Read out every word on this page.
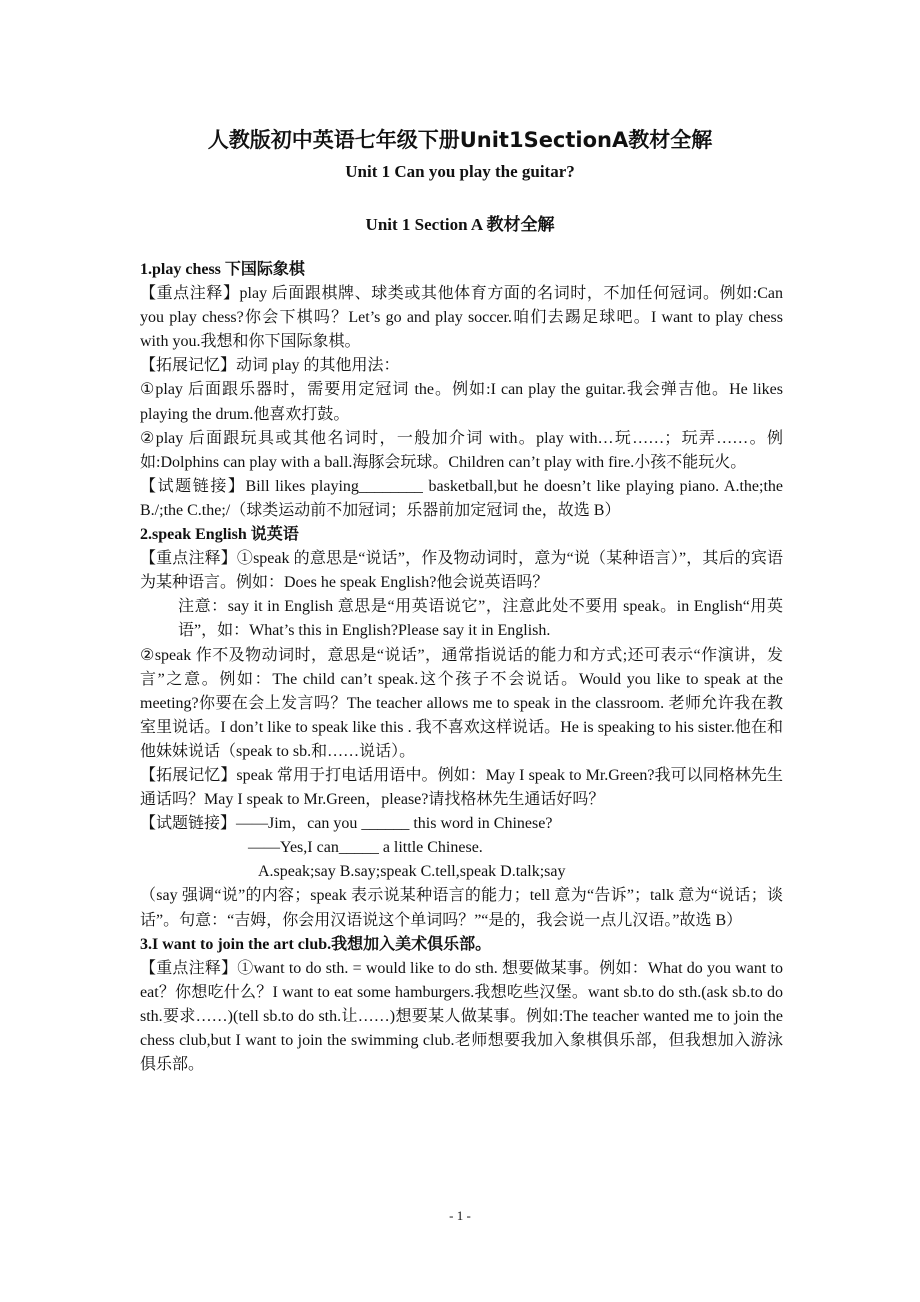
人教版初中英语七年级下册Unit1SectionA教材全解
Unit 1 Can you play the guitar?
Unit 1 Section A 教材全解

1.play chess 下国际象棋

【重点注释】play 后面跟棋牌、球类或其他体育方面的名词时，不加任何冠词。例如:Can you play chess?你会下棋吗？Let’s go and play soccer.咱们去踢足球吧。I want to play chess with you.我想和你下国际象棋。

【拓展记忆】动词 play 的其他用法：

①play 后面跟乐器时，需要用定冠词 the。例如:I can play the guitar.我会弹吉他。He likes playing the drum.他喜欢打鼓。

②play 后面跟玩具或其他名词时，一般加介词 with。play with…玩……；玩弄……。例如:Dolphins can play with a ball.海豚会玩球。Children can’t play with fire.小孩不能玩火。

【试题链接】Bill likes playing________ basketball,but he doesn’t like playing piano. A.the;the B./;the C.the;/（球类运动前不加冠词；乐器前加定冠词 the，故选 B）

2.speak English 说英语

【重点注释】①speak 的意思是“说话”，作及物动词时，意为“说（某种语言）”，其后的宾语为某种语言。例如：Does he speak English?他会说英语吗？

注意：say it in English 意思是“用英语说它”，注意此处不要用 speak。in English“用英语”，如：What’s this in English?Please say it in English.

②speak 作不及物动词时，意思是“说话”，通常指说话的能力和方式;还可表示“作演讲，发言”之意。例如：The child can’t speak.这个孩子不会说话。Would you like to speak at the meeting?你要在会上发言吗？The teacher allows me to speak in the classroom. 老师允许我在教室里说话。I don’t like to speak like this . 我不喜欢这样说话。He is speaking to his sister.他在和他妹妹说话（speak to sb.和……说话）。

【拓展记忆】speak 常用于打电话用语中。例如：May I speak to Mr.Green?我可以同格林先生通话吗？May I speak to Mr.Green，please?请找格林先生通话好吗？

【试题链接】——Jim，can you ______ this word in Chinese?

——Yes,I can_____ a little Chinese.

A.speak;say B.say;speak C.tell,speak D.talk;say

（say 强调“说”的内容；speak 表示说某种语言的能力；tell 意为“告诉”；talk 意为“说话；谈话”。句意：“吉姆，你会用汉语说这个单词吗？”“是的，我会说一点儿汉语。”故选 B）

3.I want to join the art club.我想加入美术俱乐部。

【重点注释】①want to do sth. = would like to do sth. 想要做某事。例如：What do you want to eat？你想吃什么？I want to eat some hamburgers.我想吃些汉堡。want sb.to do sth.(ask sb.to do sth.要求……)(tell sb.to do sth.让……)想要某人做某事。例如:The teacher wanted me to join the chess club,but I want to join the swimming club.老师想要我加入象棋俱乐部，但我想加入游泳俱乐部。

- 1 -
